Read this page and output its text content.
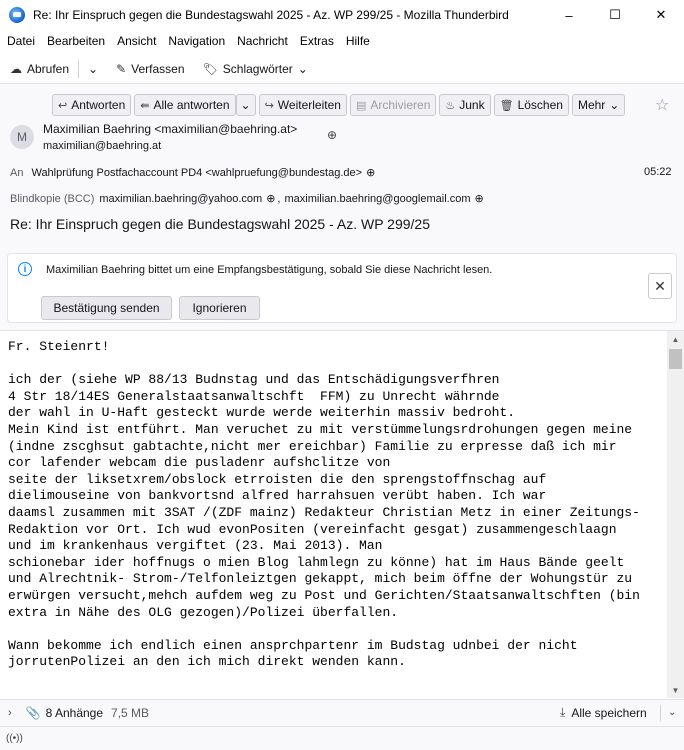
Re: Ihr Einspruch gegen die Bundestagswahl 2025 - Az. WP 299/25 - Mozilla Thunderbird	–	☐	✕
Datei Bearbeiten Ansicht Navigation Nachricht Extras Hilfe
☁ Abrufen ⌄ ✎ Verfassen 🏷 Schlagwörter ⌄
↩ Antworten ⇚ Alle antworten ⌄ ↪ Weiterleiten ▤ Archivieren ♨ Junk 🗑 Löschen Mehr ⌄ ☆
M
Maximilian Baehring <maximilian@baehring.at> ⊕
maximilian@baehring.at
An Wahlprüfung Postfachaccount PD4 <wahlpruefung@bundestag.de> ⊕	05:22
Blindkopie (BCC) maximilian.baehring@yahoo.com ⊕ , maximilian.baehring@googlemail.com ⊕
Re: Ihr Einspruch gegen die Bundestagswahl 2025 - Az. WP 299/25
i	Maximilian Baehring bittet um eine Empfangsbestätigung, sobald Sie diese Nachricht lesen.
Bestätigung senden	Ignorieren
✕
Fr. Steienrt!

ich der (siehe WP 88/13 Budnstag und das Entschädigungsverfhren
4 Str 18/14ES Generalstaatsanwaltschft  FFM) zu Unrecht währnde
der wahl in U-Haft gesteckt wurde werde weiterhin massiv bedroht.
Mein Kind ist entführt. Man veruchet zu mit verstümmelungsrdrohungen gegen meine
(indne zscghsut gabtachte,nicht mer ereichbar) Familie zu erpresse daß ich mir
cor lafender webcam die pusladenr aufshclitze von
seite der liksetxrem/obslock etrroisten die den sprengstoffnschag auf
dielimouseine von bankvortsnd alfred harrahsuen verübt haben. Ich war
daamsl zusammen mit 3SAT /(ZDF mainz) Redakteur Christian Metz in einer Zeitungs-
Redaktion vor Ort. Ich wud evonPositen (vereinfacht gesgat) zusammengeschlaagn
und im krankenhaus vergiftet (23. Mai 2013). Man
schionebar ider hoffnugs o mien Blog lahmlegn zu könne) hat im Haus Bände geelt
und Alrechtnik- Strom-/Telfonleiztgen gekappt, mich beim öffne der Wohungstür zu
erwürgen versucht,mehch aufdem weg zu Post und Gerichten/Staatsanwaltschften (bin
extra in Nähe des OLG gezogen)/Polizei überfallen.

Wann bekomme ich endlich einen ansprchpartenr im Budstag udnbei der nicht
jorrutenPolizei an den ich mich direkt wenden kann.
▲
▼
› 📎 8 Anhänge 7,5 MB	⤓ Alle speichern ⌄
((•))
